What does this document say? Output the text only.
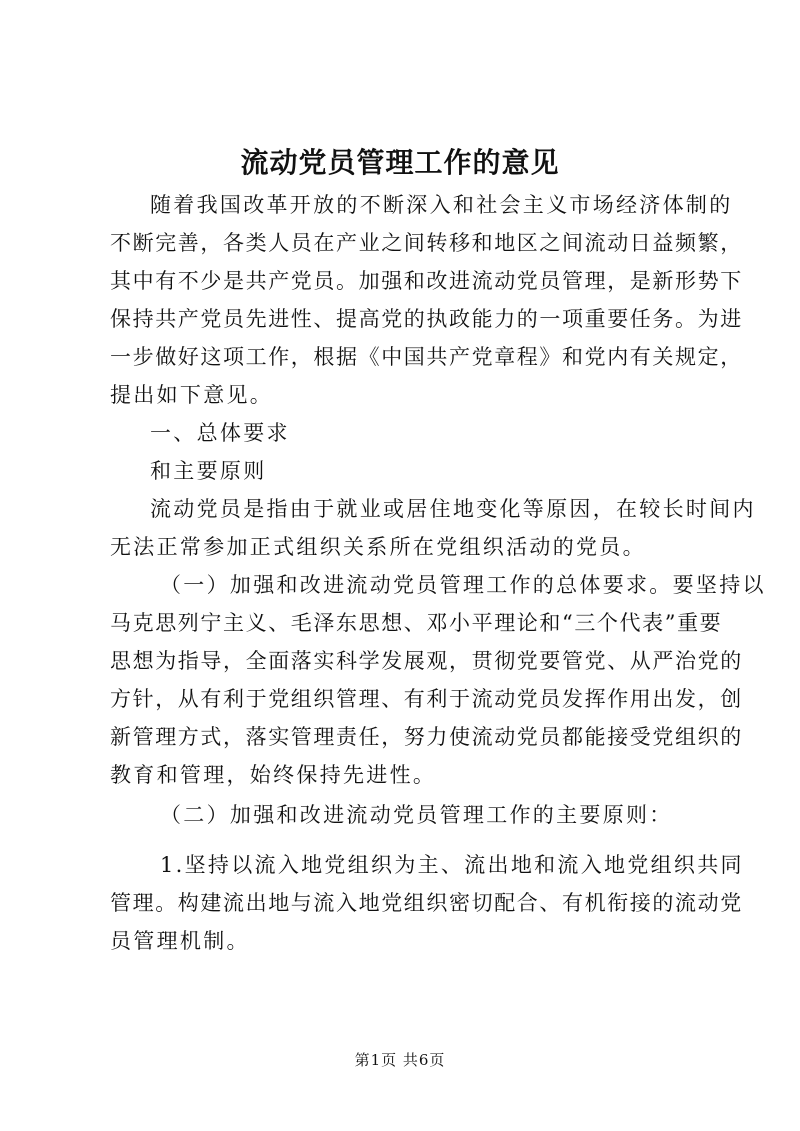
流动党员管理工作的意见
随着我国改革开放的不断深入和社会主义市场经济体制的
不断完善，各类人员在产业之间转移和地区之间流动日益频繁，
其中有不少是共产党员。加强和改进流动党员管理，是新形势下
保持共产党员先进性、提高党的执政能力的一项重要任务。为进
一步做好这项工作，根据《中国共产党章程》和党内有关规定，
提出如下意见。
一、总体要求
和主要原则
流动党员是指由于就业或居住地变化等原因，在较长时间内
无法正常参加正式组织关系所在党组织活动的党员。
（一）加强和改进流动党员管理工作的总体要求。要坚持以
马克思列宁主义、毛泽东思想、邓小平理论和“三个代表”重要
思想为指导，全面落实科学发展观，贯彻党要管党、从严治党的
方针，从有利于党组织管理、有利于流动党员发挥作用出发，创
新管理方式，落实管理责任，努力使流动党员都能接受党组织的
教育和管理，始终保持先进性。
（二）加强和改进流动党员管理工作的主要原则：
1.坚持以流入地党组织为主、流出地和流入地党组织共同
管理。构建流出地与流入地党组织密切配合、有机衔接的流动党
员管理机制。
第1页 共6页
